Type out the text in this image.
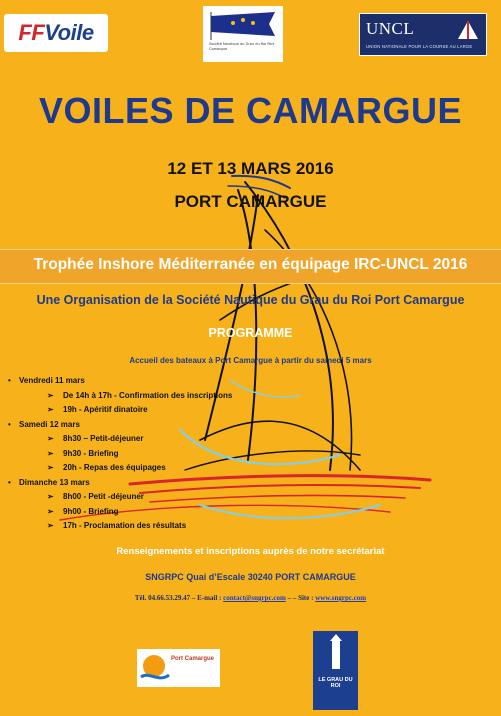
FF Voile	Société Nautique du Grau du Roi Port Camargue
UNCL
UNION NATIONALE POUR LA COURSE AU LARGE
VOILES DE CAMARGUE
12 ET 13 MARS 2016
PORT CAMARGUE
Trophée Inshore Méditerranée en équipage IRC-UNCL 2016
Une Organisation de la Société Nautique du Grau du Roi Port Camargue
PROGRAMME
Accueil des bateaux à Port Camargue à partir du samedi 5 mars
• Vendredi 11 mars
➢ De 14h à 17h - Confirmation des inscriptions
➢ 19h - Apéritif dinatoire
• Samedi 12 mars
➢ 8h30 – Petit-déjeuner
➢ 9h30 - Briefing
➢ 20h - Repas des équipages
• Dimanche 13 mars
➢ 8h00 - Petit -déjeuner
➢ 9h00 - Briefing
➢ 17h - Proclamation des résultats
Renseignements et inscriptions auprès de notre secrétariat
SNGRPC Quai d’Escale 30240 PORT CAMARGUE
Tél. 04.66.53.29.47 – E-mail : contact@sngrpc.com – – Site : www.sngrpc.com
Port Camargue
LE GRAU DU ROI
